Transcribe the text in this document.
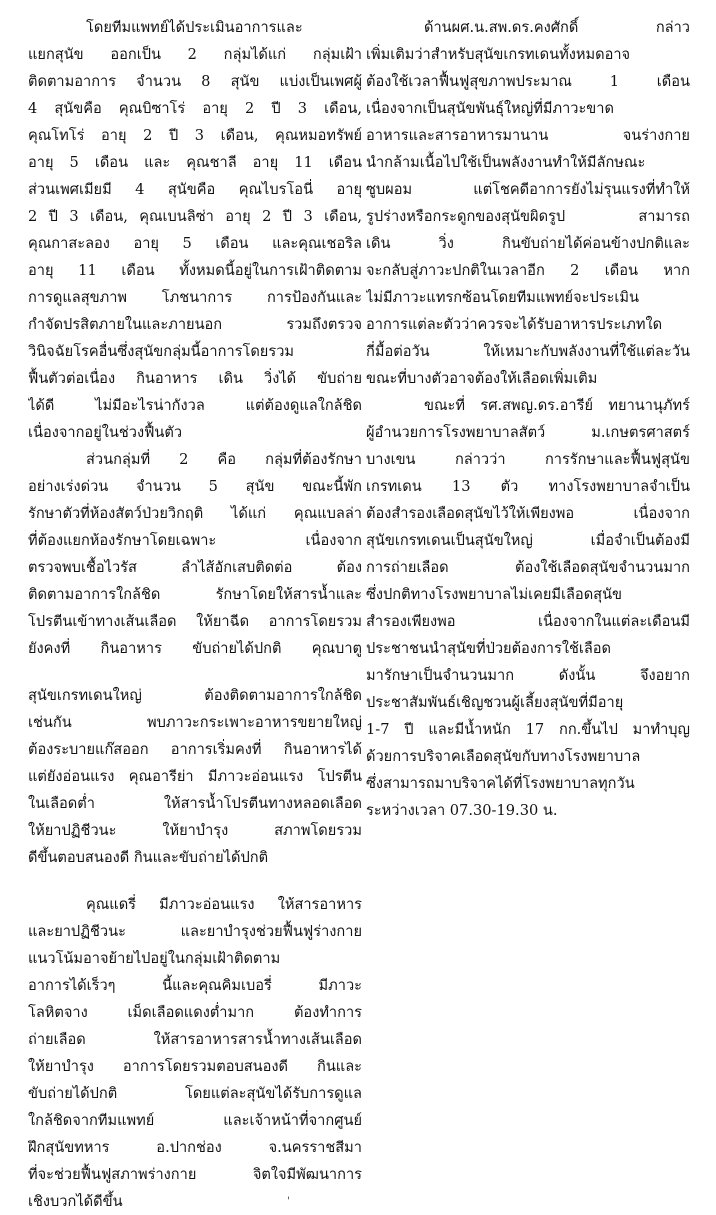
โดยทีมแพทย์ได้ประเมินอาการและ
แยกสุนัข ออกเป็น 2 กลุ่มได้แก่ กลุ่มเฝ้า
ติดตามอาการ จำนวน 8 สุนัข แบ่งเป็นเพศผู้
4 สุนัขคือ คุณบิซาโร่ อายุ 2 ปี 3 เดือน,
คุณโทโร่ อายุ 2 ปี 3 เดือน, คุณหมอทรัพย์
อายุ 5 เดือน และ คุณชาลี อายุ 11 เดือน
ส่วนเพศเมียมี 4 สุนัขคือ คุณไบรโอนี่ อายุ
2 ปี 3 เดือน, คุณเบนลิซ่า อายุ 2 ปี 3 เดือน,
คุณกาสะลอง อายุ 5 เดือน และคุณเชอริล
อายุ 11 เดือน ทั้งหมดนี้อยู่ในการเฝ้าติดตาม
การดูแลสุขภาพ โภชนาการ การป้องกันและ
กำจัดปรสิตภายในและภายนอก รวมถึงตรวจ
วินิจฉัยโรคอื่นซึ่งสุนัขกลุ่มนี้อาการโดยรวม
ฟื้นตัวต่อเนื่อง กินอาหาร เดิน วิ่งได้ ขับถ่าย
ได้ดี ไม่มีอะไรน่ากังวล แต่ต้องดูแลใกล้ชิด
เนื่องจากอยู่ในช่วงฟื้นตัว
ส่วนกลุ่มที่ 2 คือ กลุ่มที่ต้องรักษา
อย่างเร่งด่วน จำนวน 5 สุนัข ขณะนี้พัก
รักษาตัวที่ห้องสัตว์ป่วยวิกฤติ ได้แก่ คุณแบลล่า
ที่ต้องแยกห้องรักษาโดยเฉพาะ เนื่องจาก
ตรวจพบเชื้อไวรัส ลำไส้อักเสบติดต่อ ต้อง
ติดตามอาการใกล้ชิด รักษาโดยให้สารน้ำและ
โปรตีนเข้าทางเส้นเลือด ให้ยาฉีด อาการโดยรวม
ยังคงที่ กินอาหาร ขับถ่ายได้ปกติ คุณบาตู
สุนัขเกรทเดนใหญ่ ต้องติดตามอาการใกล้ชิด
เช่นกัน พบภาวะกระเพาะอาหารขยายใหญ่
ต้องระบายแก๊สออก อาการเริ่มคงที่ กินอาหารได้
แต่ยังอ่อนแรง คุณอารีย่า มีภาวะอ่อนแรง โปรตีน
ในเลือดต่ำ ให้สารน้ำโปรตีนทางหลอดเลือด
ให้ยาปฏิชีวนะ ให้ยาบำรุง สภาพโดยรวม
ดีขึ้นตอบสนองดี กินและขับถ่ายได้ปกติ
คุณแดรี่ มีภาวะอ่อนแรง ให้สารอาหาร
และยาปฏิชีวนะ และยาบำรุงช่วยฟื้นฟูร่างกาย
แนวโน้มอาจย้ายไปอยู่ในกลุ่มเฝ้าติดตาม
อาการได้เร็วๆ นี้และคุณคิมเบอรี่ มีภาวะ
โลหิตจาง เม็ดเลือดแดงต่ำมาก ต้องทำการ
ถ่ายเลือด ให้สารอาหารสารน้ำทางเส้นเลือด
ให้ยาบำรุง อาการโดยรวมตอบสนองดี กินและ
ขับถ่ายได้ปกติ โดยแต่ละสุนัขได้รับการดูแล
ใกล้ชิดจากทีมแพทย์ และเจ้าหน้าที่จากศูนย์
ฝึกสุนัขทหาร อ.ปากช่อง จ.นครราชสีมา
ที่จะช่วยฟื้นฟูสภาพร่างกาย จิตใจมีพัฒนาการ
เชิงบวกได้ดีขึ้น
ด้านผศ.น.สพ.ดร.คงศักดิ์ กล่าว
เพิ่มเติมว่าสำหรับสุนัขเกรทเดนทั้งหมดอาจ
ต้องใช้เวลาฟื้นฟูสุขภาพประมาณ 1 เดือน
เนื่องจากเป็นสุนัขพันธุ์ใหญ่ที่มีภาวะขาด
อาหารและสารอาหารมานาน จนร่างกาย
นำกล้ามเนื้อไปใช้เป็นพลังงานทำให้มีลักษณะ
ซูบผอม แต่โชคดีอาการยังไม่รุนแรงที่ทำให้
รูปร่างหรือกระดูกของสุนัขผิดรูป สามารถ
เดิน วิ่ง กินขับถ่ายได้ค่อนข้างปกติและ
จะกลับสู่ภาวะปกติในเวลาอีก 2 เดือน หาก
ไม่มีภาวะแทรกซ้อนโดยทีมแพทย์จะประเมิน
อาการแต่ละตัวว่าควรจะได้รับอาหารประเภทใด
กี่มื้อต่อวัน ให้เหมาะกับพลังงานที่ใช้แต่ละวัน
ขณะที่บางตัวอาจต้องให้เลือดเพิ่มเติม
ขณะที่ รศ.สพญ.ดร.อารีย์ ทยานานุภัทร์
ผู้อำนวยการโรงพยาบาลสัตว์ ม.เกษตรศาสตร์
บางเขน กล่าวว่า การรักษาและฟื้นฟูสุนัข
เกรทเดน 13 ตัว ทางโรงพยาบาลจำเป็น
ต้องสำรองเลือดสุนัขไว้ให้เพียงพอ เนื่องจาก
สุนัขเกรทเดนเป็นสุนัขใหญ่ เมื่อจำเป็นต้องมี
การถ่ายเลือด ต้องใช้เลือดสุนัขจำนวนมาก
ซึ่งปกติทางโรงพยาบาลไม่เคยมีเลือดสุนัข
สำรองเพียงพอ เนื่องจากในแต่ละเดือนมี
ประชาชนนำสุนัขที่ป่วยต้องการใช้เลือด
มารักษาเป็นจำนวนมาก ดังนั้น จึงอยาก
ประชาสัมพันธ์เชิญชวนผู้เลี้ยงสุนัขที่มีอายุ
1-7 ปี และมีน้ำหนัก 17 กก.ขึ้นไป มาทำบุญ
ด้วยการบริจาคเลือดสุนัขกับทางโรงพยาบาล
ซึ่งสามารถมาบริจาคได้ที่โรงพยาบาลทุกวัน
ระหว่างเวลา 07.30-19.30 น.
'
